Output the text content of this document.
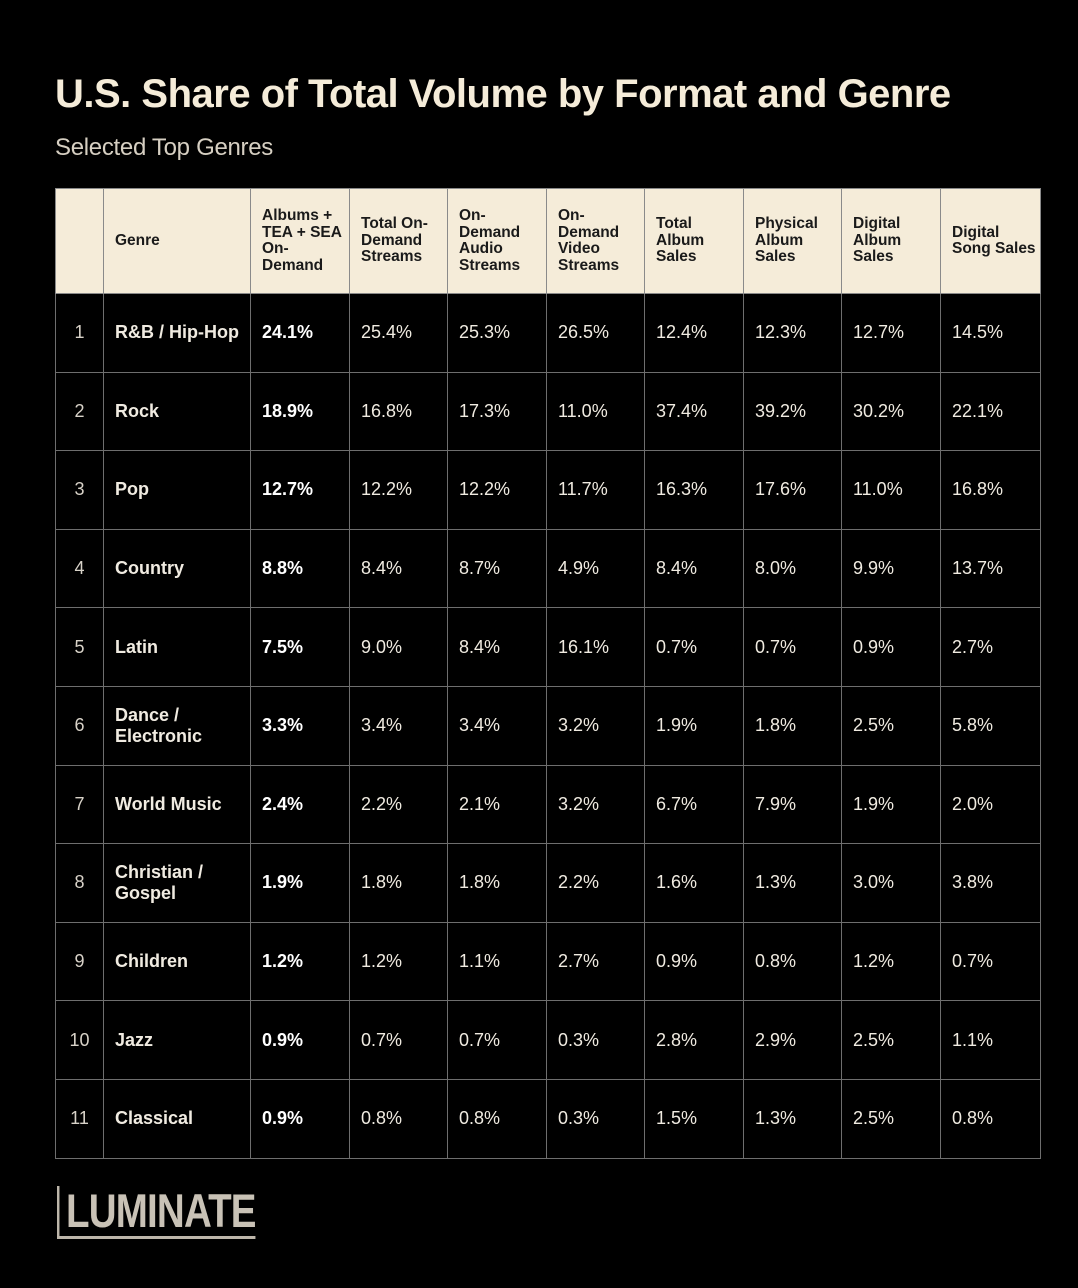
U.S. Share of Total Volume by Format and Genre
Selected Top Genres
	Genre	Albums + TEA + SEA On-Demand	Total On-Demand Streams	On-Demand Audio Streams	On-Demand Video Streams	Total Album Sales	Physical Album Sales	Digital Album Sales	Digital Song Sales
1	R&B / Hip-Hop	24.1%	25.4%	25.3%	26.5%	12.4%	12.3%	12.7%	14.5%
2	Rock	18.9%	16.8%	17.3%	11.0%	37.4%	39.2%	30.2%	22.1%
3	Pop	12.7%	12.2%	12.2%	11.7%	16.3%	17.6%	11.0%	16.8%
4	Country	8.8%	8.4%	8.7%	4.9%	8.4%	8.0%	9.9%	13.7%
5	Latin	7.5%	9.0%	8.4%	16.1%	0.7%	0.7%	0.9%	2.7%
6	Dance / Electronic	3.3%	3.4%	3.4%	3.2%	1.9%	1.8%	2.5%	5.8%
7	World Music	2.4%	2.2%	2.1%	3.2%	6.7%	7.9%	1.9%	2.0%
8	Christian / Gospel	1.9%	1.8%	1.8%	2.2%	1.6%	1.3%	3.0%	3.8%
9	Children	1.2%	1.2%	1.1%	2.7%	0.9%	0.8%	1.2%	0.7%
10	Jazz	0.9%	0.7%	0.7%	0.3%	2.8%	2.9%	2.5%	1.1%
11	Classical	0.9%	0.8%	0.8%	0.3%	1.5%	1.3%	2.5%	0.8%
LUMINATE
